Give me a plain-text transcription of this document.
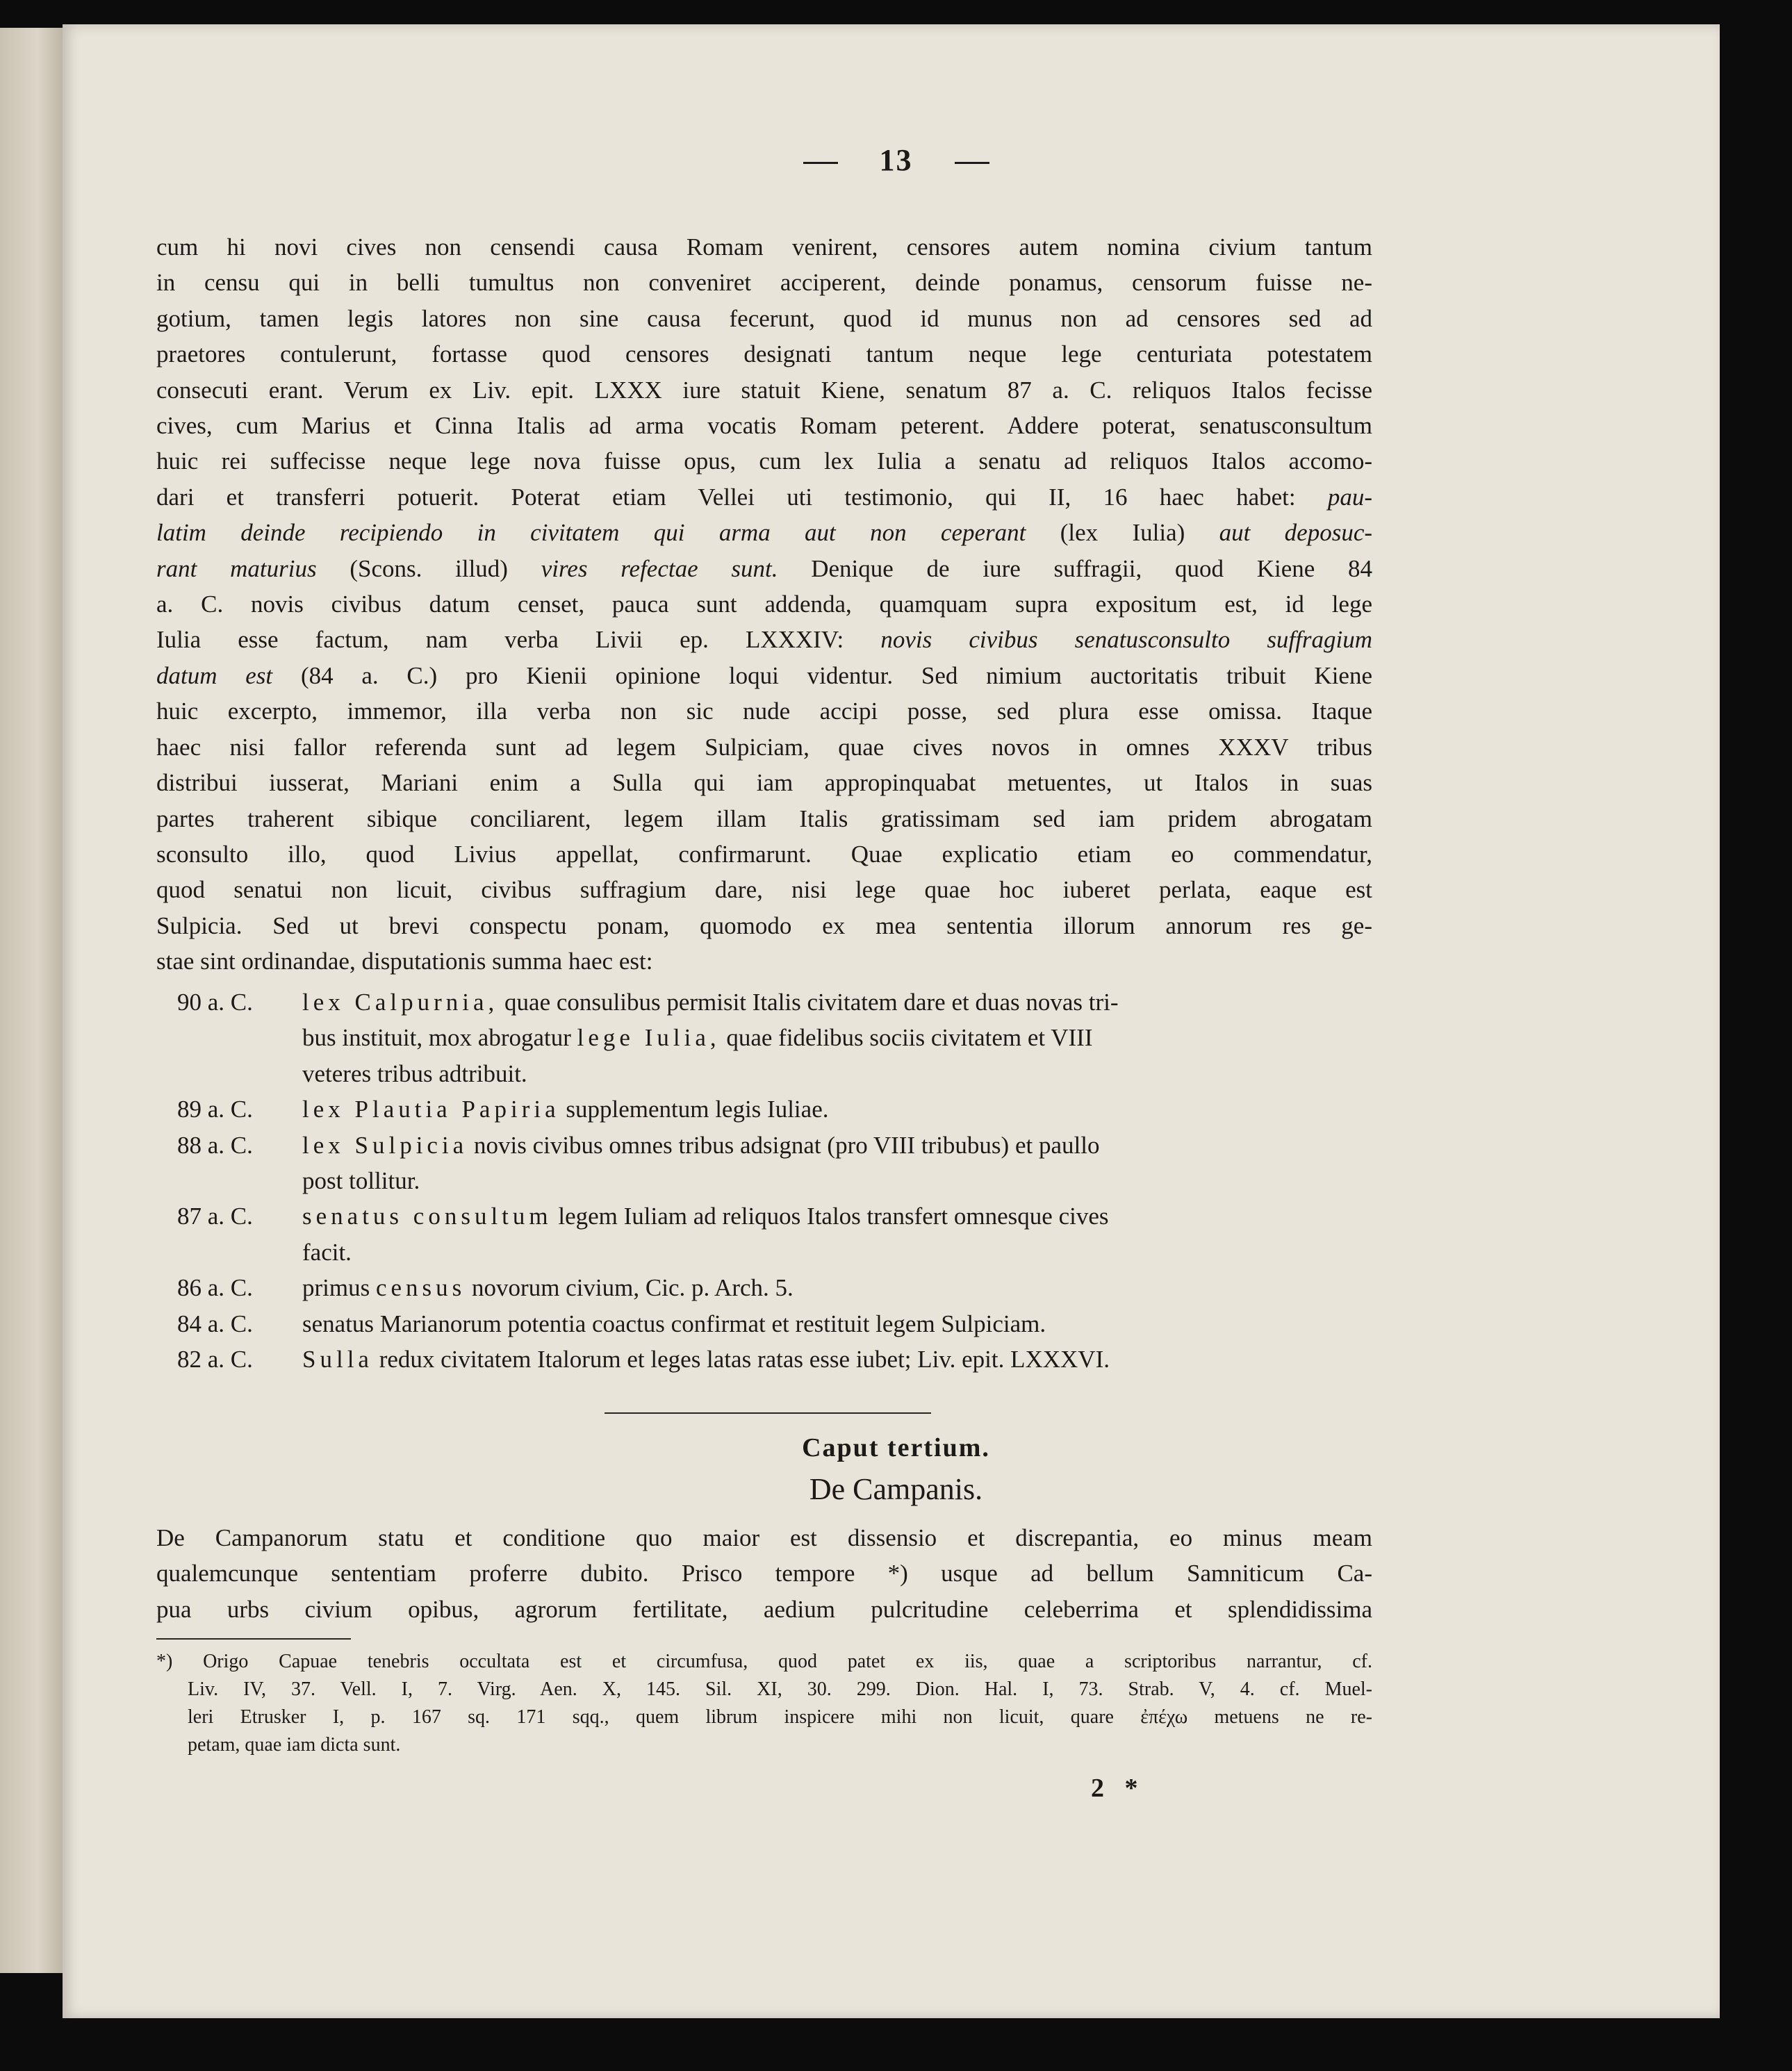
13
cum hi novi cives non censendi causa Romam venirent, censores autem nomina civium tantum
in censu qui in belli tumultus non conveniret acciperent, deinde ponamus, censorum fuisse ne-
gotium, tamen legis latores non sine causa fecerunt, quod id munus non ad censores sed ad
praetores contulerunt, fortasse quod censores designati tantum neque lege centuriata potestatem
consecuti erant. Verum ex Liv. epit. LXXX iure statuit Kiene, senatum 87 a. C. reliquos Italos fecisse
cives, cum Marius et Cinna Italis ad arma vocatis Romam peterent. Addere poterat, senatusconsultum
huic rei suffecisse neque lege nova fuisse opus, cum lex Iulia a senatu ad reliquos Italos accomo-
dari et transferri potuerit. Poterat etiam Vellei uti testimonio, qui II, 16 haec habet: pau-
latim deinde recipiendo in civitatem qui arma aut non ceperant (lex Iulia) aut deposuc-
rant maturius (Scons. illud) vires refectae sunt. Denique de iure suffragii, quod Kiene 84
a. C. novis civibus datum censet, pauca sunt addenda, quamquam supra expositum est, id lege
Iulia esse factum, nam verba Livii ep. LXXXIV: novis civibus senatusconsulto suffragium
datum est (84 a. C.) pro Kienii opinione loqui videntur. Sed nimium auctoritatis tribuit Kiene
huic excerpto, immemor, illa verba non sic nude accipi posse, sed plura esse omissa. Itaque
haec nisi fallor referenda sunt ad legem Sulpiciam, quae cives novos in omnes XXXV tribus
distribui iusserat, Mariani enim a Sulla qui iam appropinquabat metuentes, ut Italos in suas
partes traherent sibique conciliarent, legem illam Italis gratissimam sed iam pridem abrogatam
sconsulto illo, quod Livius appellat, confirmarunt. Quae explicatio etiam eo commendatur,
quod senatui non licuit, civibus suffragium dare, nisi lege quae hoc iuberet perlata, eaque est
Sulpicia. Sed ut brevi conspectu ponam, quomodo ex mea sententia illorum annorum res ge-
stae sint ordinandae, disputationis summa haec est:
90 a. C.	lex Calpurnia, quae consulibus permisit Italis civitatem dare et duas novas tri-
bus instituit, mox abrogatur lege Iulia, quae fidelibus sociis civitatem et VIII
veteres tribus adtribuit.
89 a. C.	lex Plautia Papiria supplementum legis Iuliae.
88 a. C.	lex Sulpicia novis civibus omnes tribus adsignat (pro VIII tribubus) et paullo
post tollitur.
87 a. C.	senatus consultum legem Iuliam ad reliquos Italos transfert omnesque cives
facit.
86 a. C.	primus census novorum civium, Cic. p. Arch. 5.
84 a. C.	senatus Marianorum potentia coactus confirmat et restituit legem Sulpiciam.
82 a. C.	Sulla redux civitatem Italorum et leges latas ratas esse iubet; Liv. epit. LXXXVI.
Caput tertium.
De Campanis.
De Campanorum statu et conditione quo maior est dissensio et discrepantia, eo minus meam
qualemcunque sententiam proferre dubito. Prisco tempore *) usque ad bellum Samniticum Ca-
pua urbs civium opibus, agrorum fertilitate, aedium pulcritudine celeberrima et splendidissima
*) Origo Capuae tenebris occultata est et circumfusa, quod patet ex iis, quae a scriptoribus narrantur, cf.
Liv. IV, 37. Vell. I, 7. Virg. Aen. X, 145. Sil. XI, 30. 299. Dion. Hal. I, 73. Strab. V, 4. cf. Muel-
leri Etrusker I, p. 167 sq. 171 sqq., quem librum inspicere mihi non licuit, quare ἐπέχω metuens ne re-
petam, quae iam dicta sunt.
2 *
